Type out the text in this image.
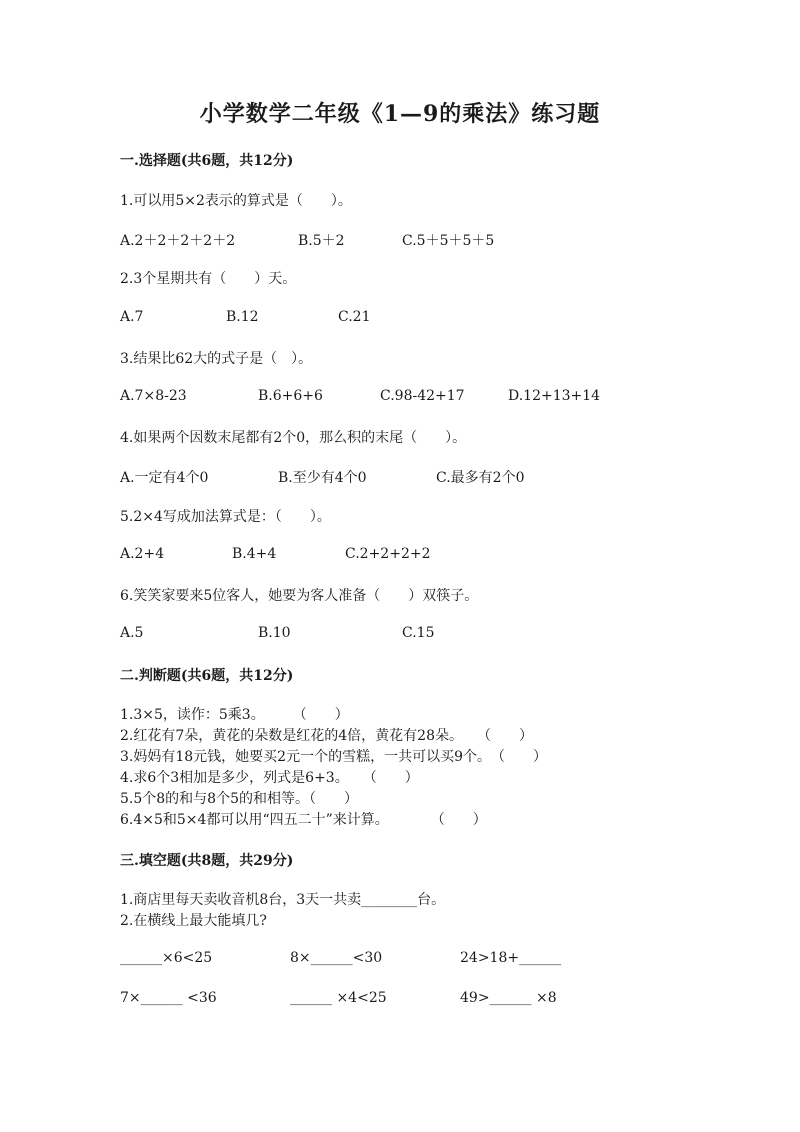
小学数学二年级《1—9的乘法》练习题
一.选择题(共6题，共12分)
1.可以用5×2表示的算式是（　　）。
A.2＋2＋2＋2＋2	B.5＋2	C.5＋5＋5＋5
2.3个星期共有（　　）天。
A.7	B.12	C.21
3.结果比62大的式子是（　）。
A.7×8-23	B.6+6+6	C.98-42+17	D.12+13+14
4.如果两个因数末尾都有2个0，那么积的末尾（　　）。
A.一定有4个0	B.至少有4个0	C.最多有2个0
5.2×4写成加法算式是：（　　）。
A.2+4	B.4+4	C.2+2+2+2
6.笑笑家要来5位客人，她要为客人准备（　　）双筷子。
A.5	B.10	C.15
二.判断题(共6题，共12分)
1.3×5，读作：5乘3。　　　（　　）
2.红花有7朵，黄花的朵数是红花的4倍，黄花有28朵。　　（　　）
3.妈妈有18元钱，她要买2元一个的雪糕，一共可以买9个。　（　　）
4.求6个3相加是多少，列式是6+3。　　（　　）
5.5个8的和与8个5的和相等。（　　）
6.4×5和5×4都可以用“四五二十”来计算。　　　　（　　）
三.填空题(共8题，共29分)
1.商店里每天卖收音机8台，3天一共卖________台。
2.在横线上最大能填几?
______×6<25	8×______<30	24>18+______
7×______ <36	______ ×4<25	49>______ ×8
